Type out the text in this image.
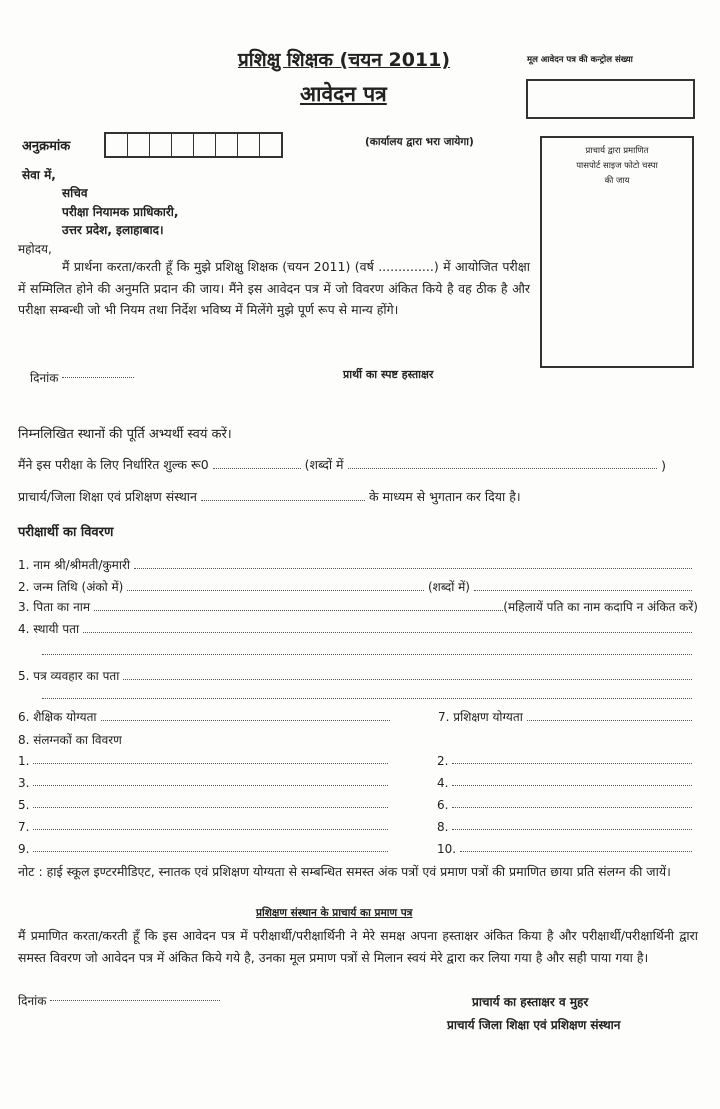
प्रशिक्षु शिक्षक (चयन 2011)
आवेदन पत्र
मूल आवेदन पत्र की कन्ट्रोल संख्या
अनुक्रमांक	(कार्यालय द्वारा भरा जायेगा)
प्राचार्य द्वारा प्रमाणित
पासपोर्ट साइज फोटो चस्पा
की जाय
सेवा में,
सचिव
परीक्षा नियामक प्राधिकारी,
उत्तर प्रदेश, इलाहाबाद।
महोदय,
मैं प्रार्थना करता/करती हूँ कि मुझे प्रशिक्षु शिक्षक (चयन 2011) (वर्ष ..............) में आयोजित परीक्षा में सम्मिलित होने की अनुमति प्रदान की जाय। मैंने इस आवेदन पत्र में जो विवरण अंकित किये है वह ठीक है और परीक्षा सम्बन्धी जो भी नियम तथा निर्देश भविष्य में मिलेंगे मुझे पूर्ण रूप से मान्य होंगे।
दिनांक	प्रार्थी का स्पष्ट हस्ताक्षर
निम्नलिखित स्थानों की पूर्ति अभ्यर्थी स्वयं करें।
मैंने इस परीक्षा के लिए निर्धारित शुल्क रू0	(शब्दों में	)
प्राचार्य/जिला शिक्षा एवं प्रशिक्षण संस्थान	के माध्यम से भुगतान कर दिया है।
परीक्षार्थी का विवरण
1. नाम श्री/श्रीमती/कुमारी
2. जन्म तिथि (अंको में)	(शब्दों में)
3. पिता का नाम	(महिलायें पति का नाम कदापि न अंकित करें)
4. स्थायी पता
5. पत्र व्यवहार का पता
6. शैक्षिक योग्यता	7. प्रशिक्षण योग्यता
8. संलग्नकों का विवरण
1.	2.
3.	4.
5.	6.
7.	8.
9.	10.
नोट : हाई स्कूल इण्टरमीडिएट, स्नातक एवं प्रशिक्षण योग्यता से सम्बन्धित समस्त अंक पत्रों एवं प्रमाण पत्रों की प्रमाणित छाया प्रति संलग्न की जायें।
प्रशिक्षण संस्थान के प्राचार्य का प्रमाण पत्र
मैं प्रमाणित करता/करती हूँ कि इस आवेदन पत्र में परीक्षार्थी/परीक्षार्थिनी ने मेरे समक्ष अपना हस्ताक्षर अंकित किया है और परीक्षार्थी/परीक्षार्थिनी द्वारा समस्त विवरण जो आवेदन पत्र में अंकित किये गये है, उनका मूल प्रमाण पत्रों से मिलान स्वयं मेरे द्वारा कर लिया गया है और सही पाया गया है।
दिनांक	प्राचार्य का हस्ताक्षर व मुहर
प्राचार्य जिला शिक्षा एवं प्रशिक्षण संस्थान
